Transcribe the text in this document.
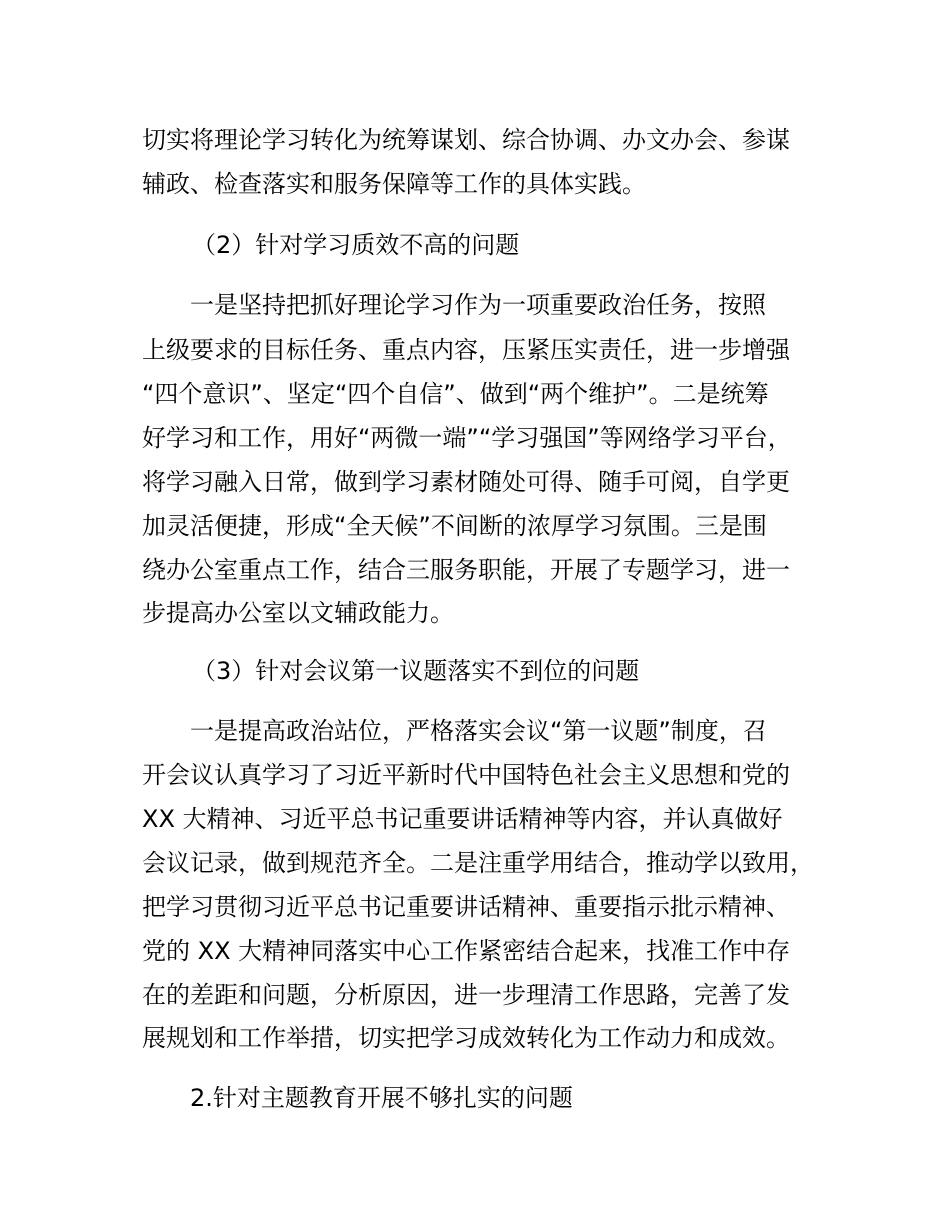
切实将理论学习转化为统筹谋划、综合协调、办文办会、参谋
辅政、检查落实和服务保障等工作的具体实践。
（2）针对学习质效不高的问题
一是坚持把抓好理论学习作为一项重要政治任务，按照
上级要求的目标任务、重点内容，压紧压实责任，进一步增强
“四个意识”、坚定“四个自信”、做到“两个维护”。二是统筹
好学习和工作，用好“两微一端”“学习强国”等网络学习平台，
将学习融入日常，做到学习素材随处可得、随手可阅，自学更
加灵活便捷，形成“全天候”不间断的浓厚学习氛围。三是围
绕办公室重点工作，结合三服务职能，开展了专题学习，进一
步提高办公室以文辅政能力。
（3）针对会议第一议题落实不到位的问题
一是提高政治站位，严格落实会议“第一议题”制度，召
开会议认真学习了习近平新时代中国特色社会主义思想和党的
XX 大精神、习近平总书记重要讲话精神等内容，并认真做好
会议记录，做到规范齐全。二是注重学用结合，推动学以致用，
把学习贯彻习近平总书记重要讲话精神、重要指示批示精神、
党的 XX 大精神同落实中心工作紧密结合起来，找准工作中存
在的差距和问题，分析原因，进一步理清工作思路，完善了发
展规划和工作举措，切实把学习成效转化为工作动力和成效。
2.针对主题教育开展不够扎实的问题
